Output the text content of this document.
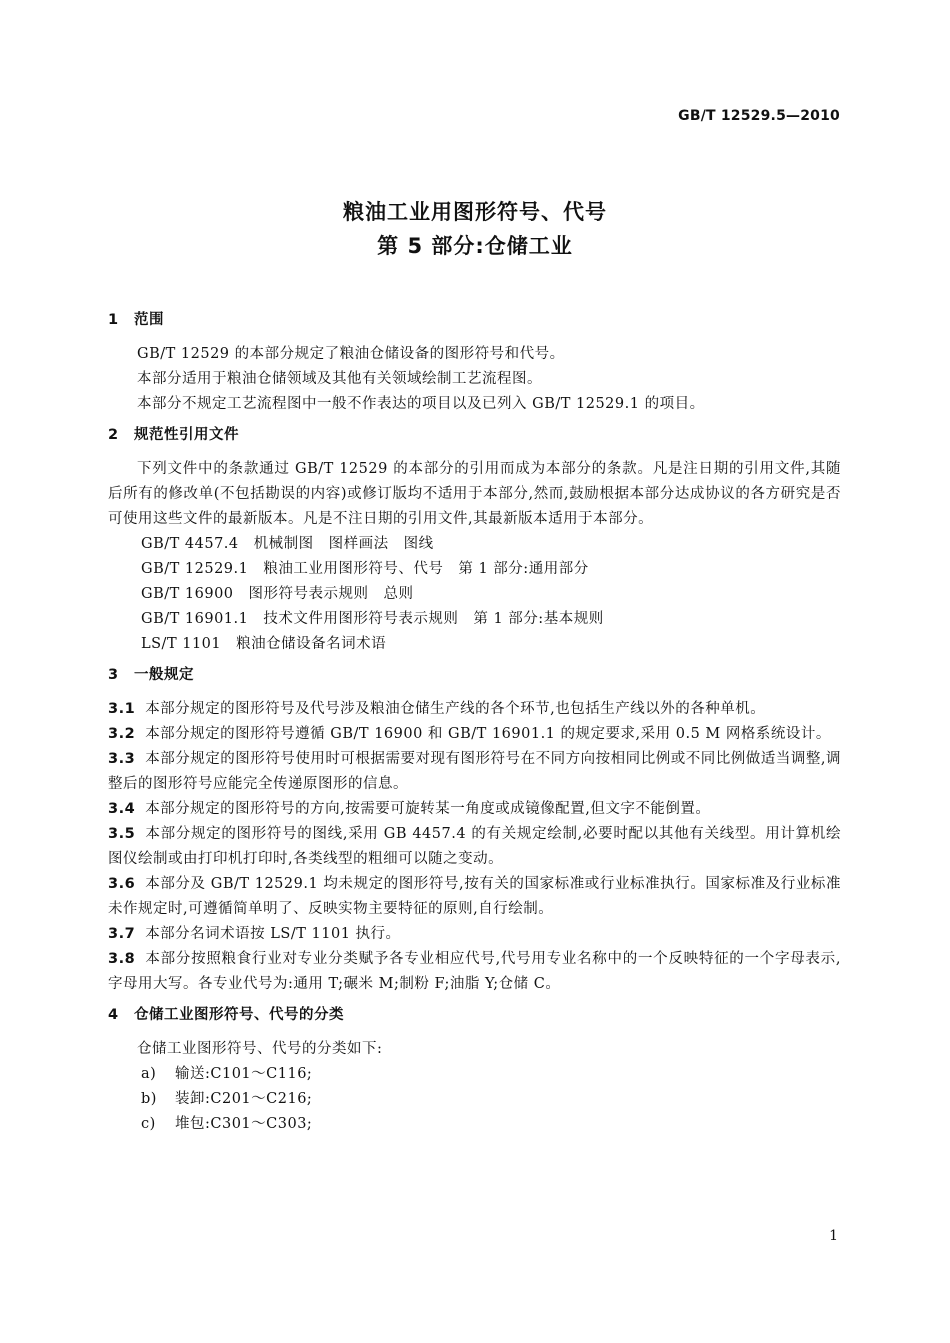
GB/T 12529.5—2010
粮油工业用图形符号、代号
第 5 部分:仓储工业
1 范围

GB/T 12529 的本部分规定了粮油仓储设备的图形符号和代号。

本部分适用于粮油仓储领域及其他有关领域绘制工艺流程图。

本部分不规定工艺流程图中一般不作表达的项目以及已列入 GB/T 12529.1 的项目。

2 规范性引用文件

下列文件中的条款通过 GB/T 12529 的本部分的引用而成为本部分的条款。凡是注日期的引用文件,其随后所有的修改单(不包括勘误的内容)或修订版均不适用于本部分,然而,鼓励根据本部分达成协议的各方研究是否可使用这些文件的最新版本。凡是不注日期的引用文件,其最新版本适用于本部分。

GB/T 4457.4　机械制图　图样画法　图线

GB/T 12529.1　粮油工业用图形符号、代号　第 1 部分:通用部分

GB/T 16900　图形符号表示规则　总则

GB/T 16901.1　技术文件用图形符号表示规则　第 1 部分:基本规则

LS/T 1101　粮油仓储设备名词术语

3 一般规定

3.1 本部分规定的图形符号及代号涉及粮油仓储生产线的各个环节,也包括生产线以外的各种单机。

3.2 本部分规定的图形符号遵循 GB/T 16900 和 GB/T 16901.1 的规定要求,采用 0.5 M 网格系统设计。

3.3 本部分规定的图形符号使用时可根据需要对现有图形符号在不同方向按相同比例或不同比例做适当调整,调整后的图形符号应能完全传递原图形的信息。

3.4 本部分规定的图形符号的方向,按需要可旋转某一角度或成镜像配置,但文字不能倒置。

3.5 本部分规定的图形符号的图线,采用 GB 4457.4 的有关规定绘制,必要时配以其他有关线型。用计算机绘图仪绘制或由打印机打印时,各类线型的粗细可以随之变动。

3.6 本部分及 GB/T 12529.1 均未规定的图形符号,按有关的国家标准或行业标准执行。国家标准及行业标准未作规定时,可遵循简单明了、反映实物主要特征的原则,自行绘制。

3.7 本部分名词术语按 LS/T 1101 执行。

3.8 本部分按照粮食行业对专业分类赋予各专业相应代号,代号用专业名称中的一个反映特征的一个字母表示,字母用大写。各专业代号为:通用 T;碾米 M;制粉 F;油脂 Y;仓储 C。

4 仓储工业图形符号、代号的分类

仓储工业图形符号、代号的分类如下:

a) 输送:C101～C116;

b) 装卸:C201～C216;

c) 堆包:C301～C303;

1
